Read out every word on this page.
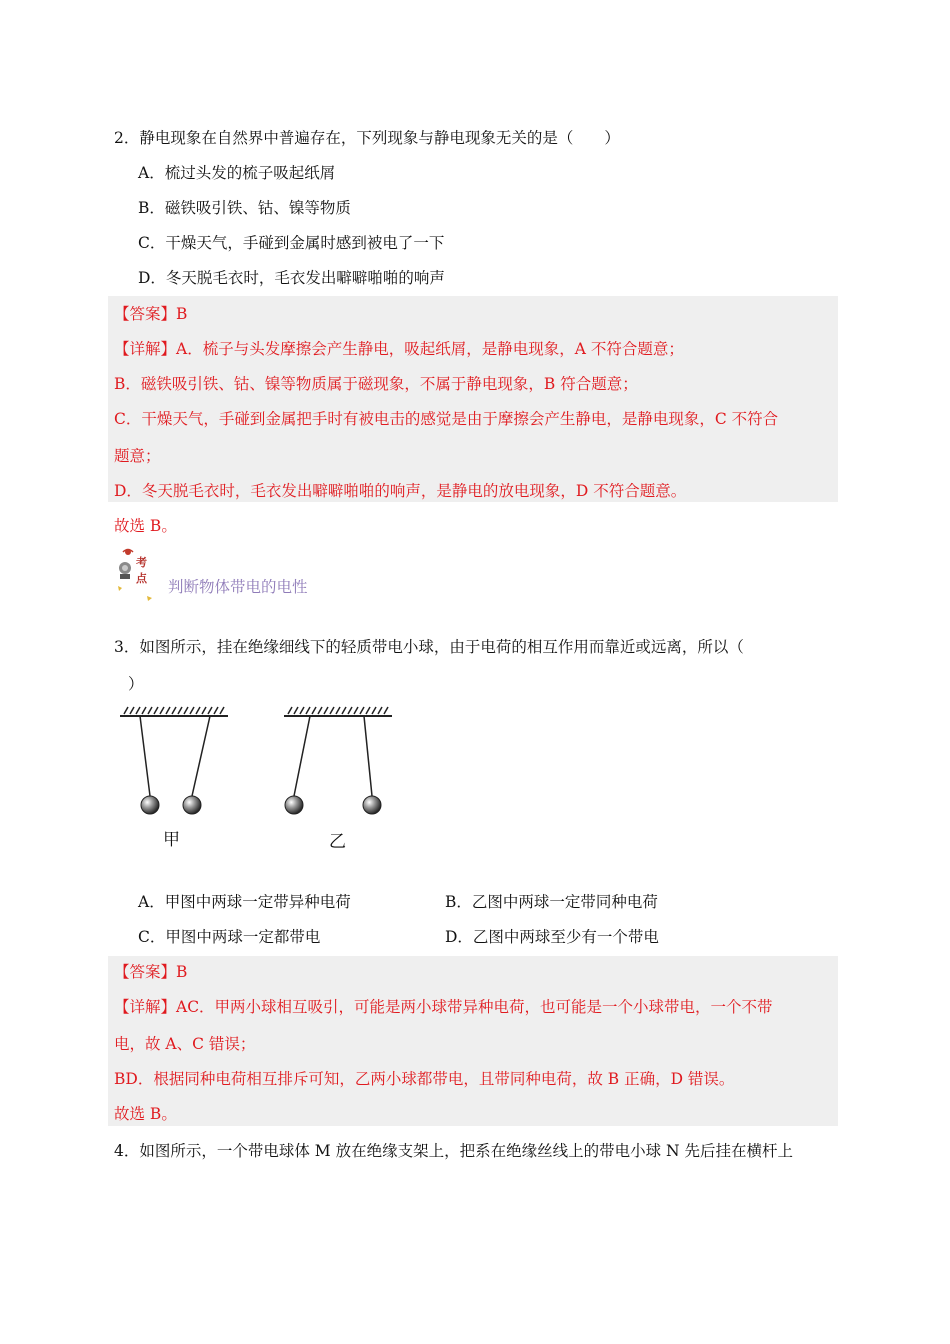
2．静电现象在自然界中普遍存在，下列现象与静电现象无关的是（　　）
A．梳过头发的梳子吸起纸屑
B．磁铁吸引铁、钴、镍等物质
C．干燥天气，手碰到金属时感到被电了一下
D．冬天脱毛衣时，毛衣发出噼噼啪啪的响声
【答案】B
【详解】A．梳子与头发摩擦会产生静电，吸起纸屑，是静电现象，A 不符合题意；
B．磁铁吸引铁、钴、镍等物质属于磁现象，不属于静电现象，B 符合题意；
C．干燥天气，手碰到金属把手时有被电击的感觉是由于摩擦会产生静电，是静电现象，C 不符合
题意；
D．冬天脱毛衣时，毛衣发出噼噼啪啪的响声，是静电的放电现象，D 不符合题意。
故选 B。
考
点 判断物体带电的电性
3．如图所示，挂在绝缘细线下的轻质带电小球，由于电荷的相互作用而靠近或远离，所以（
）
甲	乙
A．甲图中两球一定带异种电荷	B．乙图中两球一定带同种电荷
C．甲图中两球一定都带电	D．乙图中两球至少有一个带电
【答案】B
【详解】AC．甲两小球相互吸引，可能是两小球带异种电荷，也可能是一个小球带电，一个不带
电，故 A、C 错误；
BD．根据同种电荷相互排斥可知，乙两小球都带电，且带同种电荷，故 B 正确，D 错误。
故选 B。
4．如图所示，一个带电球体 M 放在绝缘支架上，把系在绝缘丝线上的带电小球 N 先后挂在横杆上
